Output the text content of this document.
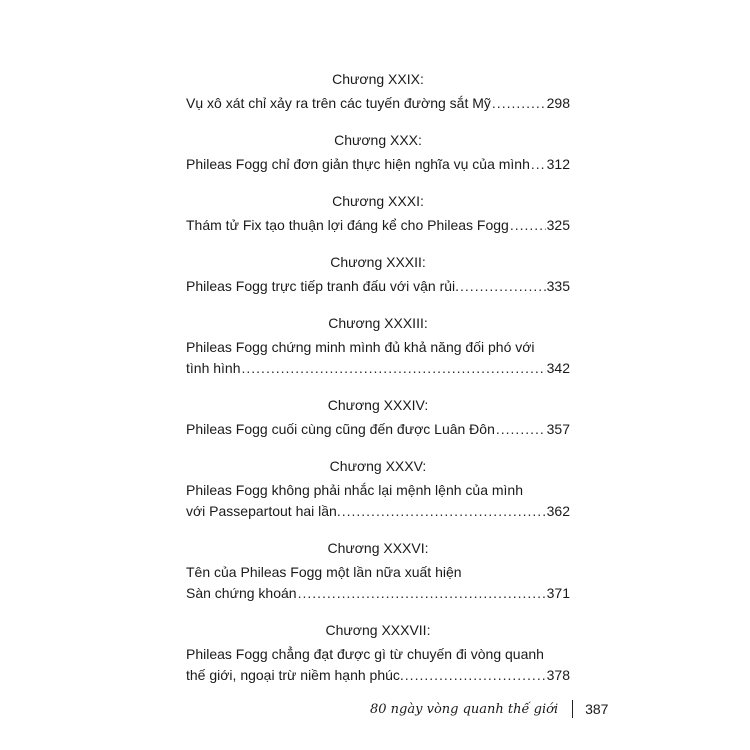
Chương XXIX:
Vụ xô xát chỉ xảy ra trên các tuyến đường sắt Mỹ .....	298
Chương XXX:
Phileas Fogg chỉ đơn giản thực hiện nghĩa vụ của mình ..... 312
Chương XXXI:
Thám tử Fix tạo thuận lợi đáng kể cho Phileas Fogg .....	325
Chương XXXII:
Phileas Fogg trực tiếp tranh đấu với vận rủi. .....	335
Chương XXXIII:
Phileas Fogg chứng minh mình đủ khả năng đối phó với
tình hình .....	342
Chương XXXIV:
Phileas Fogg cuối cùng cũng đến được Luân Đôn .....	357
Chương XXXV:
Phileas Fogg không phải nhắc lại mệnh lệnh của mình
với Passepartout hai lần. .....	362
Chương XXXVI:
Tên của Phileas Fogg một lần nữa xuất hiện
Sàn chứng khoán .....	371
Chương XXXVII:
Phileas Fogg chẳng đạt được gì từ chuyến đi vòng quanh
thế giới, ngoại trừ niềm hạnh phúc. .....	378
80 ngày vòng quanh thế giới 387
